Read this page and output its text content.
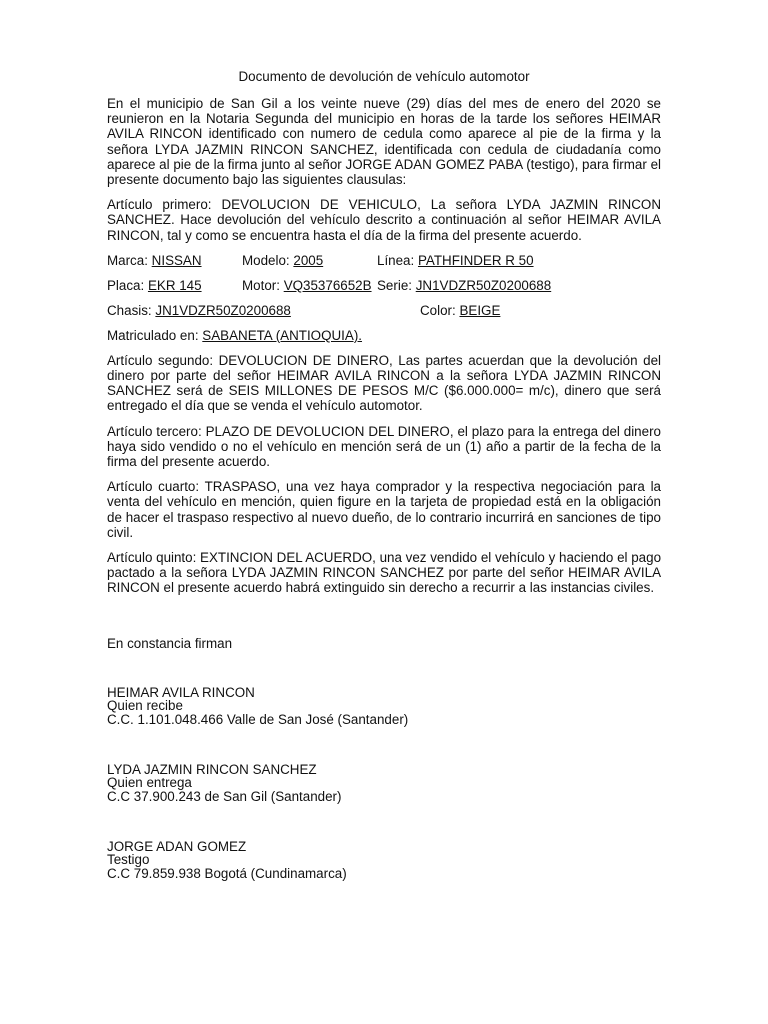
Documento de devolución de vehículo automotor

En el municipio de San Gil a los veinte nueve (29) días del mes de enero del 2020 se reunieron en la Notaria Segunda del municipio en horas de la tarde los señores HEIMAR AVILA RINCON identificado con numero de cedula como aparece al pie de la firma y la señora LYDA JAZMIN RINCON SANCHEZ, identificada con cedula de ciudadanía como aparece al pie de la firma junto al señor JORGE ADAN GOMEZ PABA (testigo), para firmar el presente documento bajo las siguientes clausulas:

Artículo primero: DEVOLUCION DE VEHICULO, La señora LYDA JAZMIN RINCON SANCHEZ. Hace devolución del vehículo descrito a continuación al señor HEIMAR AVILA RINCON, tal y como se encuentra hasta el día de la firma del presente acuerdo.

Marca: NISSAN	Modelo: 2005	Línea: PATHFINDER R 50
Placa: EKR 145	Motor: VQ35376652B Serie: JN1VDZR50Z0200688
Chasis: JN1VDZR50Z0200688	Color: BEIGE
Matriculado en: SABANETA (ANTIOQUIA).

Artículo segundo: DEVOLUCION DE DINERO, Las partes acuerdan que la devolución del dinero por parte del señor HEIMAR AVILA RINCON a la señora LYDA JAZMIN RINCON SANCHEZ será de SEIS MILLONES DE PESOS M/C ($6.000.000= m/c), dinero que será entregado el día que se venda el vehículo automotor.

Artículo tercero: PLAZO DE DEVOLUCION DEL DINERO, el plazo para la entrega del dinero haya sido vendido o no el vehículo en mención será de un (1) año a partir de la fecha de la firma del presente acuerdo.

Artículo cuarto: TRASPASO, una vez haya comprador y la respectiva negociación para la venta del vehículo en mención, quien figure en la tarjeta de propiedad está en la obligación de hacer el traspaso respectivo al nuevo dueño, de lo contrario incurrirá en sanciones de tipo civil.

Artículo quinto: EXTINCION DEL ACUERDO, una vez vendido el vehículo y haciendo el pago pactado a la señora LYDA JAZMIN RINCON SANCHEZ por parte del señor HEIMAR AVILA RINCON el presente acuerdo habrá extinguido sin derecho a recurrir a las instancias civiles.

En constancia firman
HEIMAR AVILA RINCON
Quien recibe
C.C. 1.101.048.466 Valle de San José (Santander)
LYDA JAZMIN RINCON SANCHEZ
Quien entrega
C.C 37.900.243 de San Gil (Santander)
JORGE ADAN GOMEZ
Testigo
C.C 79.859.938 Bogotá (Cundinamarca)
